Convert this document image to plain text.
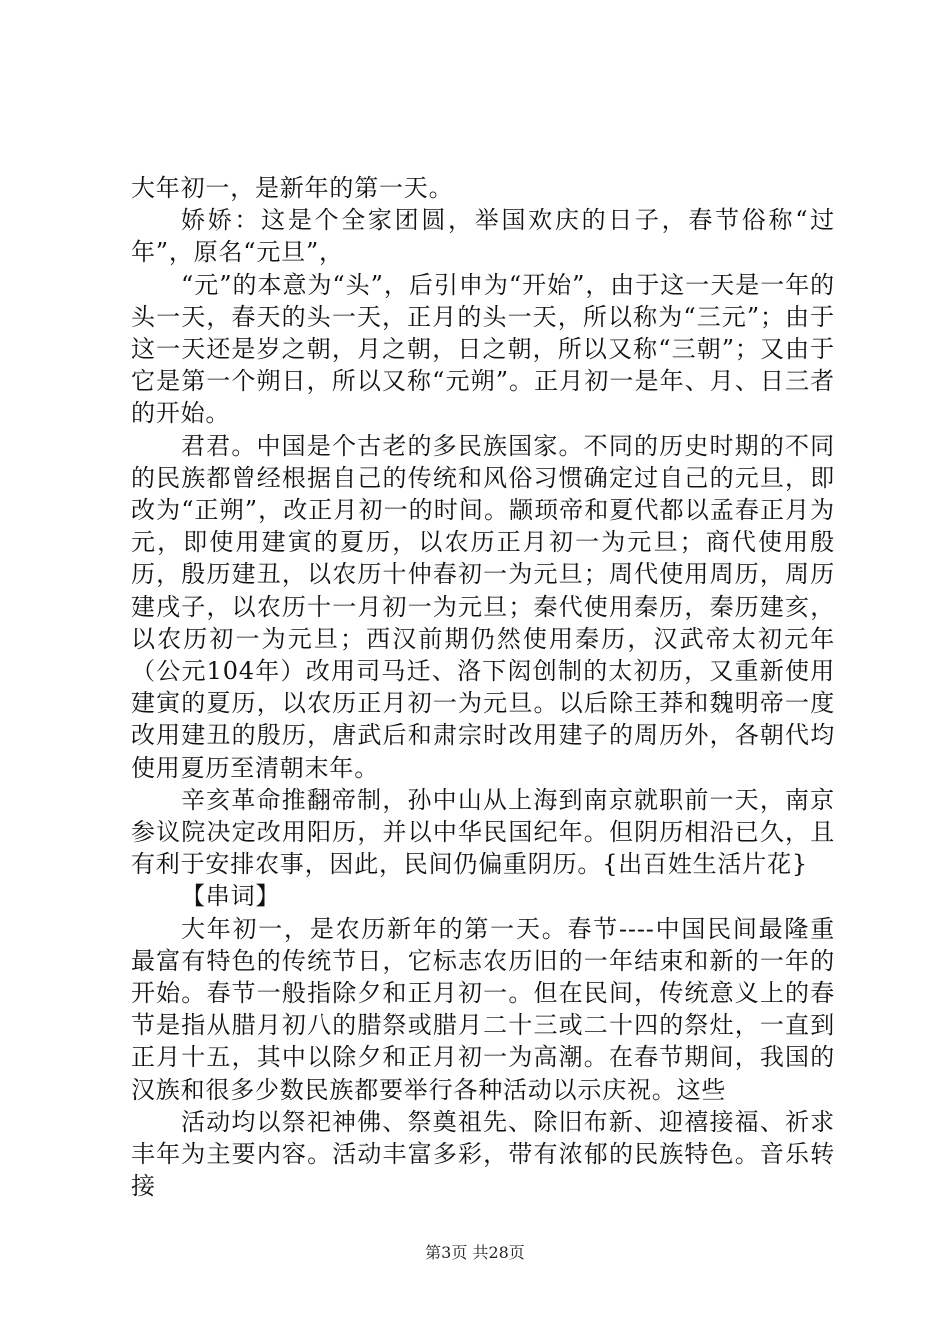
大年初一，是新年的第一天。

娇娇：这是个全家团圆，举国欢庆的日子，春节俗称“过年”，原名“元旦”，

“元”的本意为“头”，后引申为“开始”，由于这一天是一年的头一天，春天的头一天，正月的头一天，所以称为“三元”；由于这一天还是岁之朝，月之朝，日之朝，所以又称“三朝”；又由于它是第一个朔日，所以又称“元朔”。正月初一是年、月、日三者的开始。

君君。中国是个古老的多民族国家。不同的历史时期的不同的民族都曾经根据自己的传统和风俗习惯确定过自己的元旦，即改为“正朔”，改正月初一的时间。颛顼帝和夏代都以孟春正月为元，即使用建寅的夏历，以农历正月初一为元旦；商代使用殷历，殷历建丑，以农历十仲春初一为元旦；周代使用周历，周历建戌子，以农历十一月初一为元旦；秦代使用秦历，秦历建亥，以农历初一为元旦；西汉前期仍然使用秦历，汉武帝太初元年（公元104年）改用司马迁、洛下闳创制的太初历，又重新使用建寅的夏历，以农历正月初一为元旦。以后除王莽和魏明帝一度改用建丑的殷历，唐武后和肃宗时改用建子的周历外，各朝代均使用夏历至清朝末年。

辛亥革命推翻帝制，孙中山从上海到南京就职前一天，南京参议院决定改用阳历，并以中华民国纪年。但阴历相沿已久，且有利于安排农事，因此，民间仍偏重阴历。{出百姓生活片花}

【串词】

大年初一，是农历新年的第一天。春节----中国民间最隆重最富有特色的传统节日，它标志农历旧的一年结束和新的一年的开始。春节一般指除夕和正月初一。但在民间，传统意义上的春节是指从腊月初八的腊祭或腊月二十三或二十四的祭灶，一直到正月十五，其中以除夕和正月初一为高潮。在春节期间，我国的汉族和很多少数民族都要举行各种活动以示庆祝。这些

活动均以祭祀神佛、祭奠祖先、除旧布新、迎禧接福、祈求丰年为主要内容。活动丰富多彩，带有浓郁的民族特色。音乐转接

第3页 共28页
